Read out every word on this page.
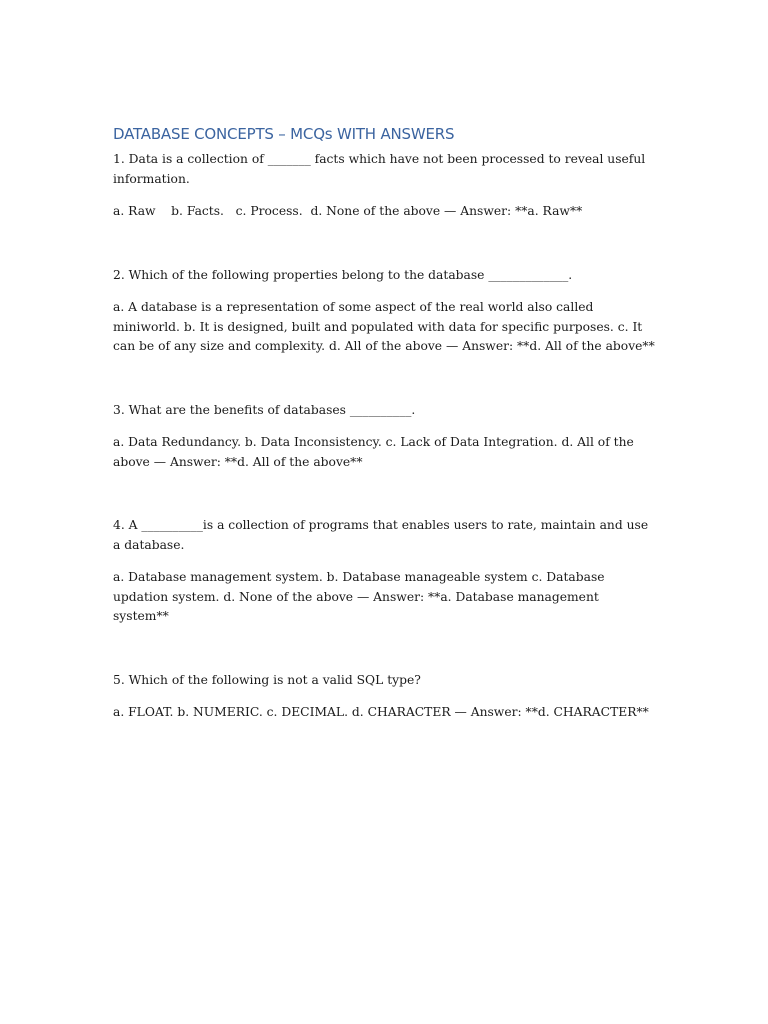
DATABASE CONCEPTS – MCQs WITH ANSWERS

1. Data is a collection of _______ facts which have not been processed to reveal useful information.

a. Raw    b. Facts.   c. Process.  d. None of the above — Answer: **a. Raw**

2. Which of the following properties belong to the database _____________.

a. A database is a representation of some aspect of the real world also called miniworld. b. It is designed, built and populated with data for specific purposes. c. It can be of any size and complexity. d. All of the above — Answer: **d. All of the above**

3. What are the benefits of databases __________.

a. Data Redundancy. b. Data Inconsistency. c. Lack of Data Integration. d. All of the above — Answer: **d. All of the above**

4. A __________is a collection of programs that enables users to rate, maintain and use a database.

a. Database management system. b. Database manageable system c. Database updation system. d. None of the above — Answer: **a. Database management system**

5. Which of the following is not a valid SQL type?

a. FLOAT. b. NUMERIC. c. DECIMAL. d. CHARACTER — Answer: **d. CHARACTER**
